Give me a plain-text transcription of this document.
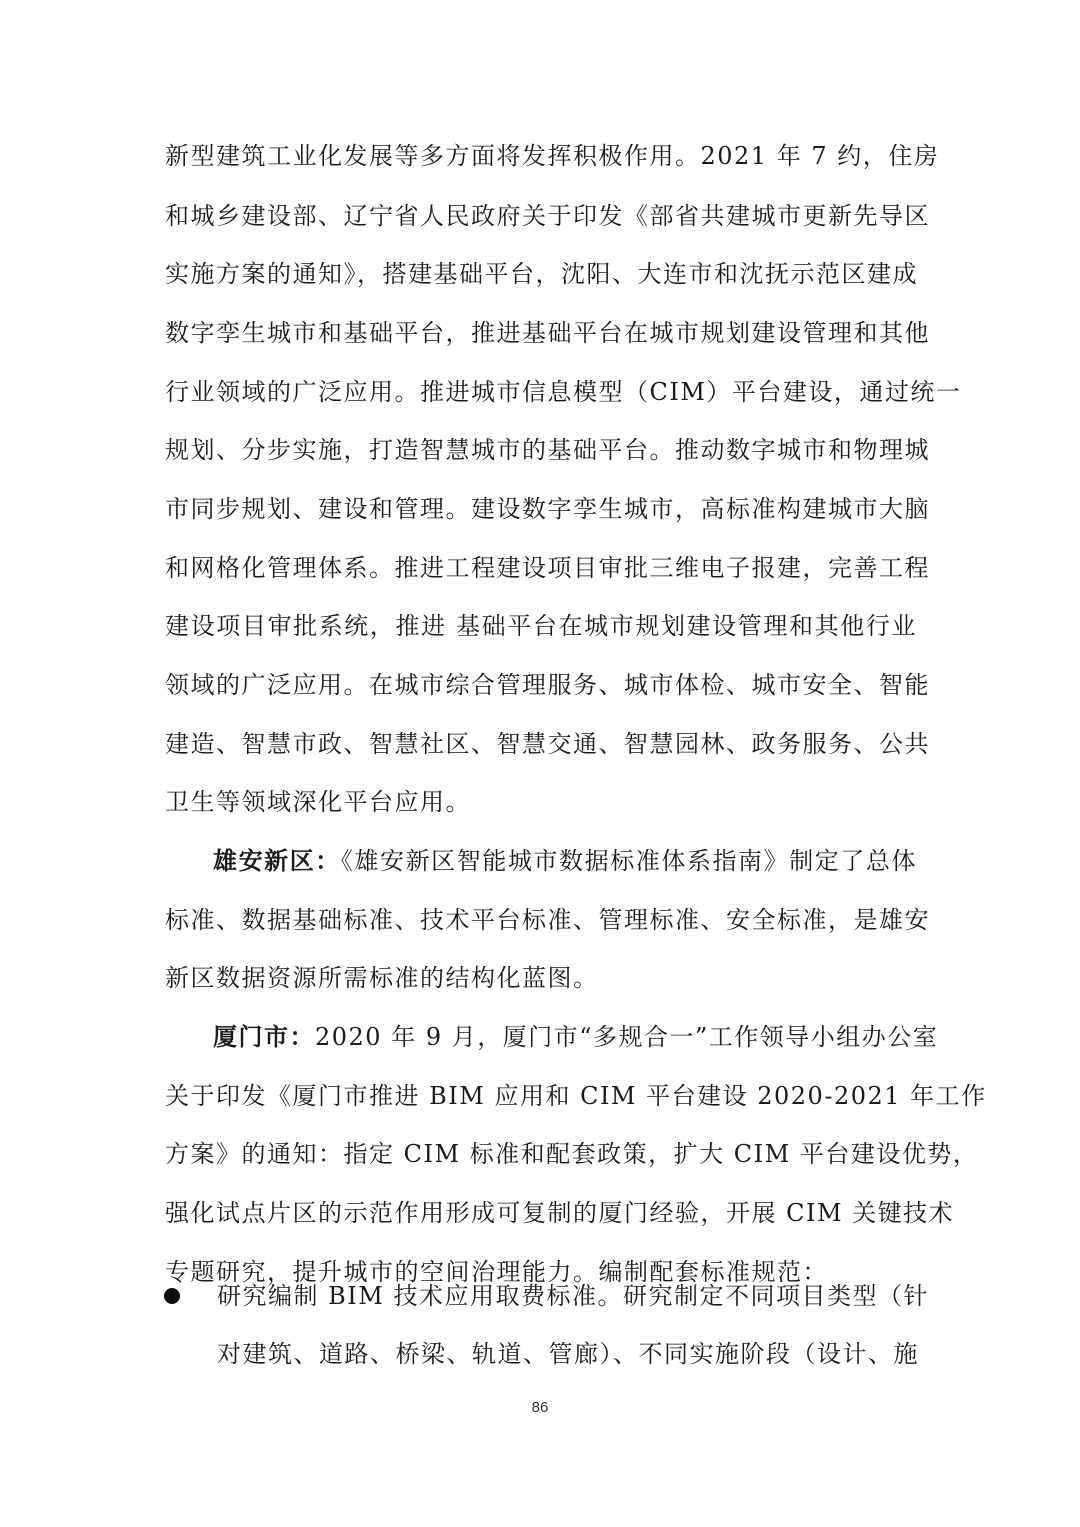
新型建筑工业化发展等多方面将发挥积极作用。2021 年 7 约，住房
和城乡建设部、辽宁省人民政府关于印发《部省共建城市更新先导区
实施方案的通知》，搭建基础平台，沈阳、大连市和沈抚示范区建成
数字孪生城市和基础平台，推进基础平台在城市规划建设管理和其他
行业领域的广泛应用。推进城市信息模型（CIM）平台建设，通过统一
规划、分步实施，打造智慧城市的基础平台。推动数字城市和物理城
市同步规划、建设和管理。建设数字孪生城市，高标准构建城市大脑
和网格化管理体系。推进工程建设项目审批三维电子报建，完善工程
建设项目审批系统，推进 基础平台在城市规划建设管理和其他行业
领域的广泛应用。在城市综合管理服务、城市体检、城市安全、智能
建造、智慧市政、智慧社区、智慧交通、智慧园林、政务服务、公共
卫生等领域深化平台应用。
雄安新区：《雄安新区智能城市数据标准体系指南》制定了总体
标准、数据基础标准、技术平台标准、管理标准、安全标准，是雄安
新区数据资源所需标准的结构化蓝图。
厦门市：2020 年 9 月，厦门市“多规合一”工作领导小组办公室
关于印发《厦门市推进 BIM 应用和 CIM 平台建设 2020-2021 年工作
方案》的通知：指定 CIM 标准和配套政策，扩大 CIM 平台建设优势，
强化试点片区的示范作用形成可复制的厦门经验，开展 CIM 关键技术
专题研究，提升城市的空间治理能力。编制配套标准规范：
研究编制 BIM 技术应用取费标准。研究制定不同项目类型（针
对建筑、道路、桥梁、轨道、管廊）、不同实施阶段（设计、施
86
